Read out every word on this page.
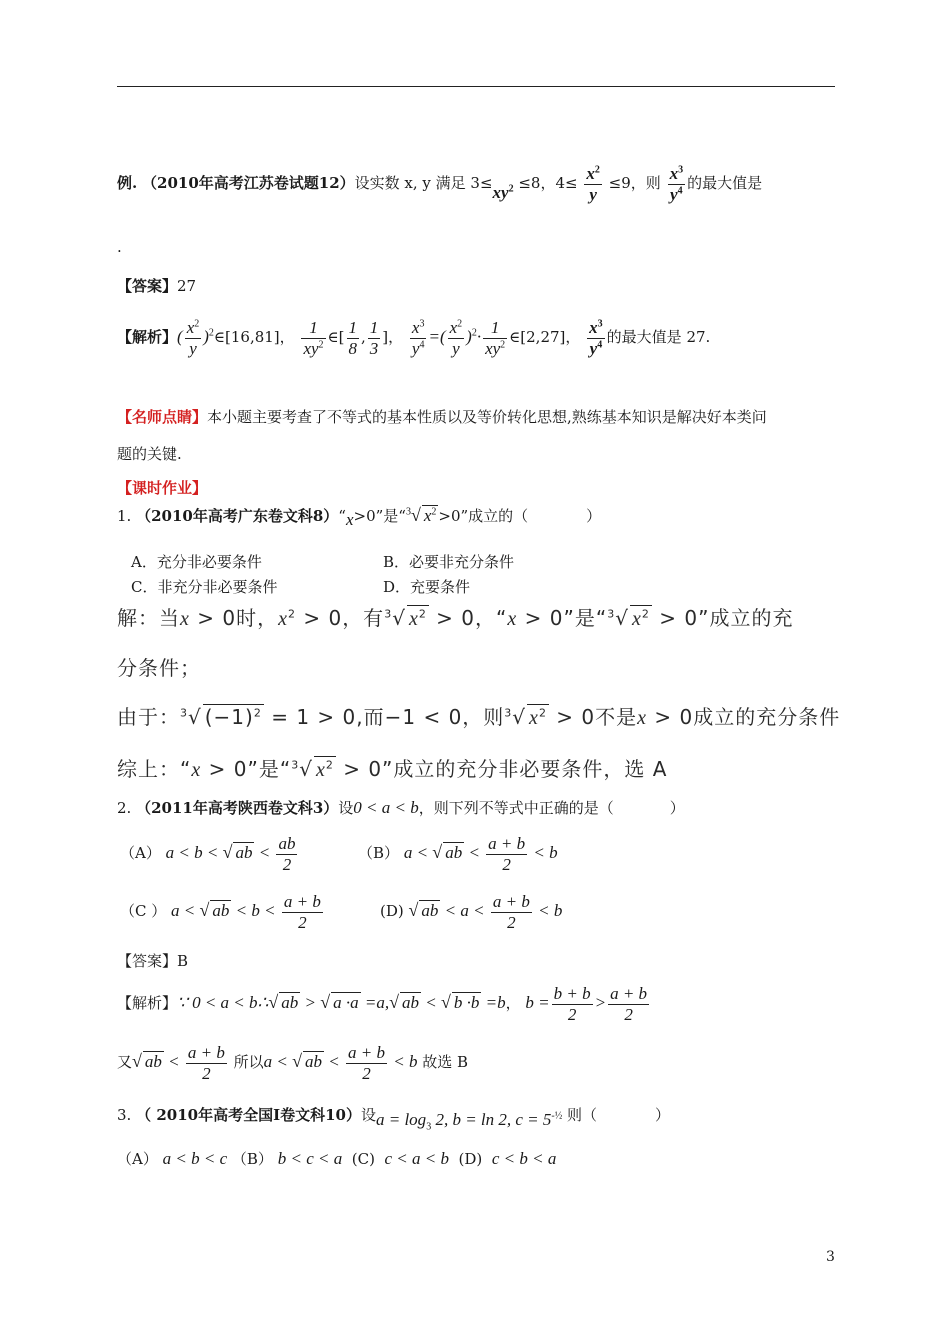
例. （2010年高考江苏卷试题12）设实数 x, y 满足 $3\le xy^2 \le 8$，$4\le \frac{x^2}{y} \le 9$，则 $\frac{x^3}{y^4}$ 的最大值是
.
【答案】27
【解析】( $\frac{x^2}{y}$ )$^2$∈[16,81]， $\frac{1}{xy^2}$ ∈[ $\frac{1}{8}$ , $\frac{1}{3}$ ]， $\frac{x^3}{y^4}$ =( $\frac{x^2}{y} )^2\cdot \frac{1}{xy^2}$ ∈[2,27]， $\frac{x^3}{y^4}$ 的最大值是 27.
【名师点睛】本小题主要考查了不等式的基本性质以及等价转化思想,熟练基本知识是解决好本类问
题的关键.
【课时作业】
1. （2010年高考广东卷文科8）“x>0”是“$^3$√ $x^2 >0$”成立的（	）
A．充分非必要条件	B．必要非充分条件
C．非充分非必要条件	D．充要条件
解：当x > 0时，$x^2 > 0$，有$^3$√ $x^2 > 0$，“x > 0”是“$^3$√ $x^2 > 0$”成立的充
分条件；
由于：$^3$√ $(-1)^2 = 1 > 0$,而−1 < 0，则$^3$√ $x^2 > 0$不是x > 0成立的充分条件
综上：“x > 0”是“$^3$√ $x^2 > 0$”成立的充分非必要条件，选 A
2. （2011年高考陕西卷文科3）设0 < a < b，则下列不等式中正确的是（	）
（A） a < b < √ ab < $\frac{ab}{2}$	（B） a < √ ab < $\frac{a + b}{2} < b$
（C ） a < √ ab < $b < \frac{a + b}{2}$	(D) √ ab < $a < \frac{a + b}{2} < b$
【答案】B
【解析】∵ 0 < a < b∴√ ab > √ a ·a =a,√ ab < √ b ·b =b， $b = \frac{b + b}{2} > \frac{a + b}{2}$
又√ ab < $\frac{a + b}{2}$ 所以a < √ ab < $\frac{a + b}{2} < b$ 故选 B
3. （ 2010年高考全国Ⅰ卷文科10）设$a = \log_3 2$, b = ln 2, $c = 5^{-\frac{1}{2}}$ 则（	）
（A） a < b < c （B） b < c < a (C) c < a < b (D) c < b < a
3
